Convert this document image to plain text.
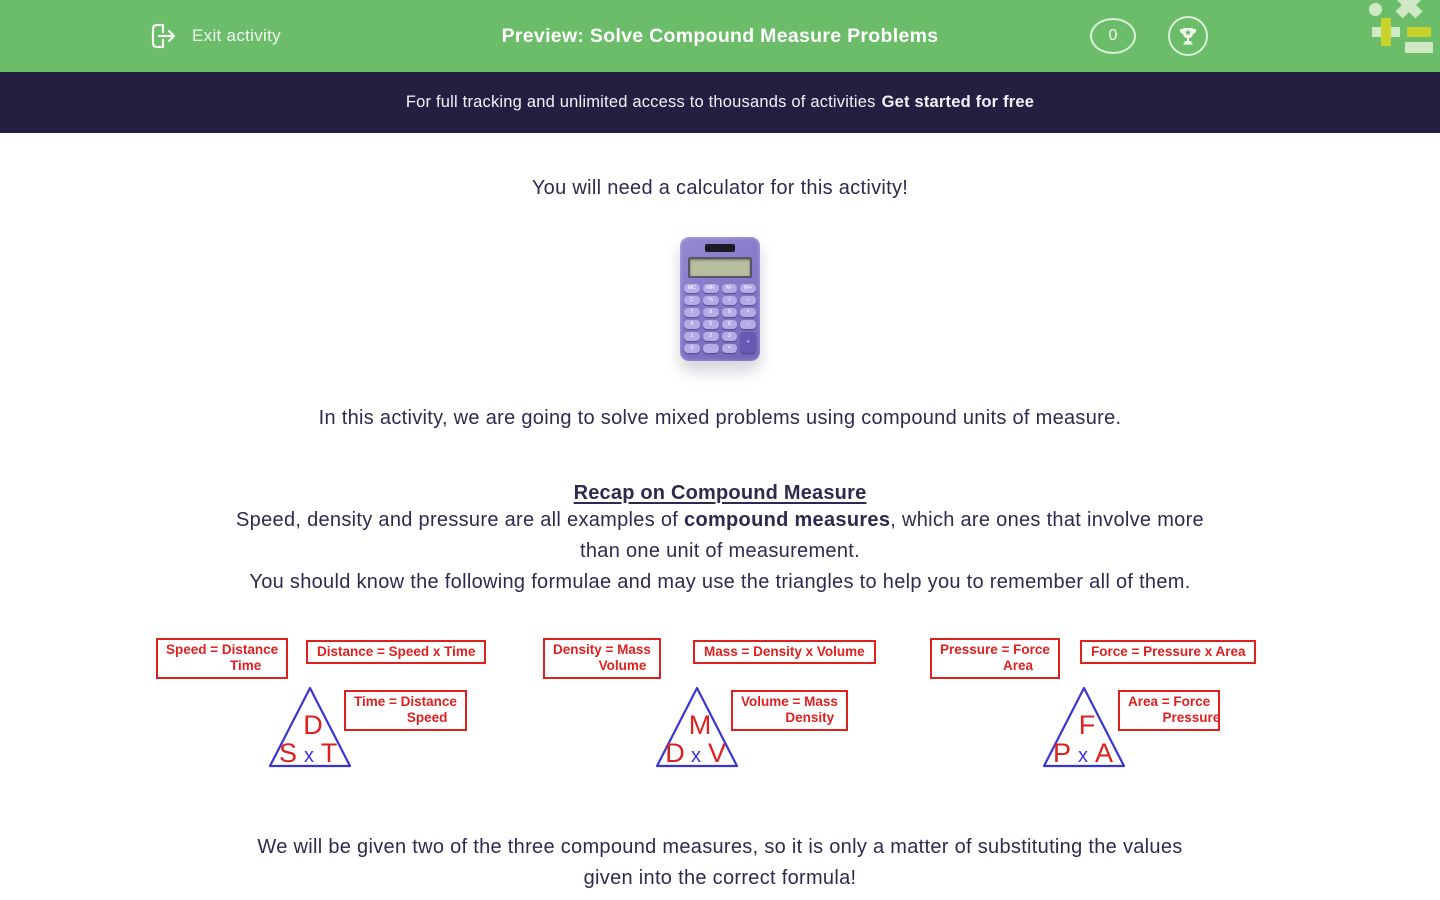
Exit activity	Preview: Solve Compound Measure Problems	0
For full tracking and unlimited access to thousands of activities Get started for free
You will need a calculator for this activity!
MC	MR	M-	M+
C	%	√	÷
7	8	9	×
4	5	6	−
1	2	3
0	.	=
+
In this activity, we are going to solve mixed problems using compound units of measure.
Recap on Compound Measure
Speed, density and pressure are all examples of compound measures, which are ones that involve more
than one unit of measurement.
You should know the following formulae and may use the triangles to help you to remember all of them.
Speed = Distance
Time
Distance = Speed x Time
Time = Distance
Speed
D
S x T
Density = Mass
Volume
Mass = Density x Volume
Volume = Mass
Density
M
D x V
Pressure = Force
Area
Force = Pressure x Area
Area = Force
Pressure
F
P x A
We will be given two of the three compound measures, so it is only a matter of substituting the values
given into the correct formula!
